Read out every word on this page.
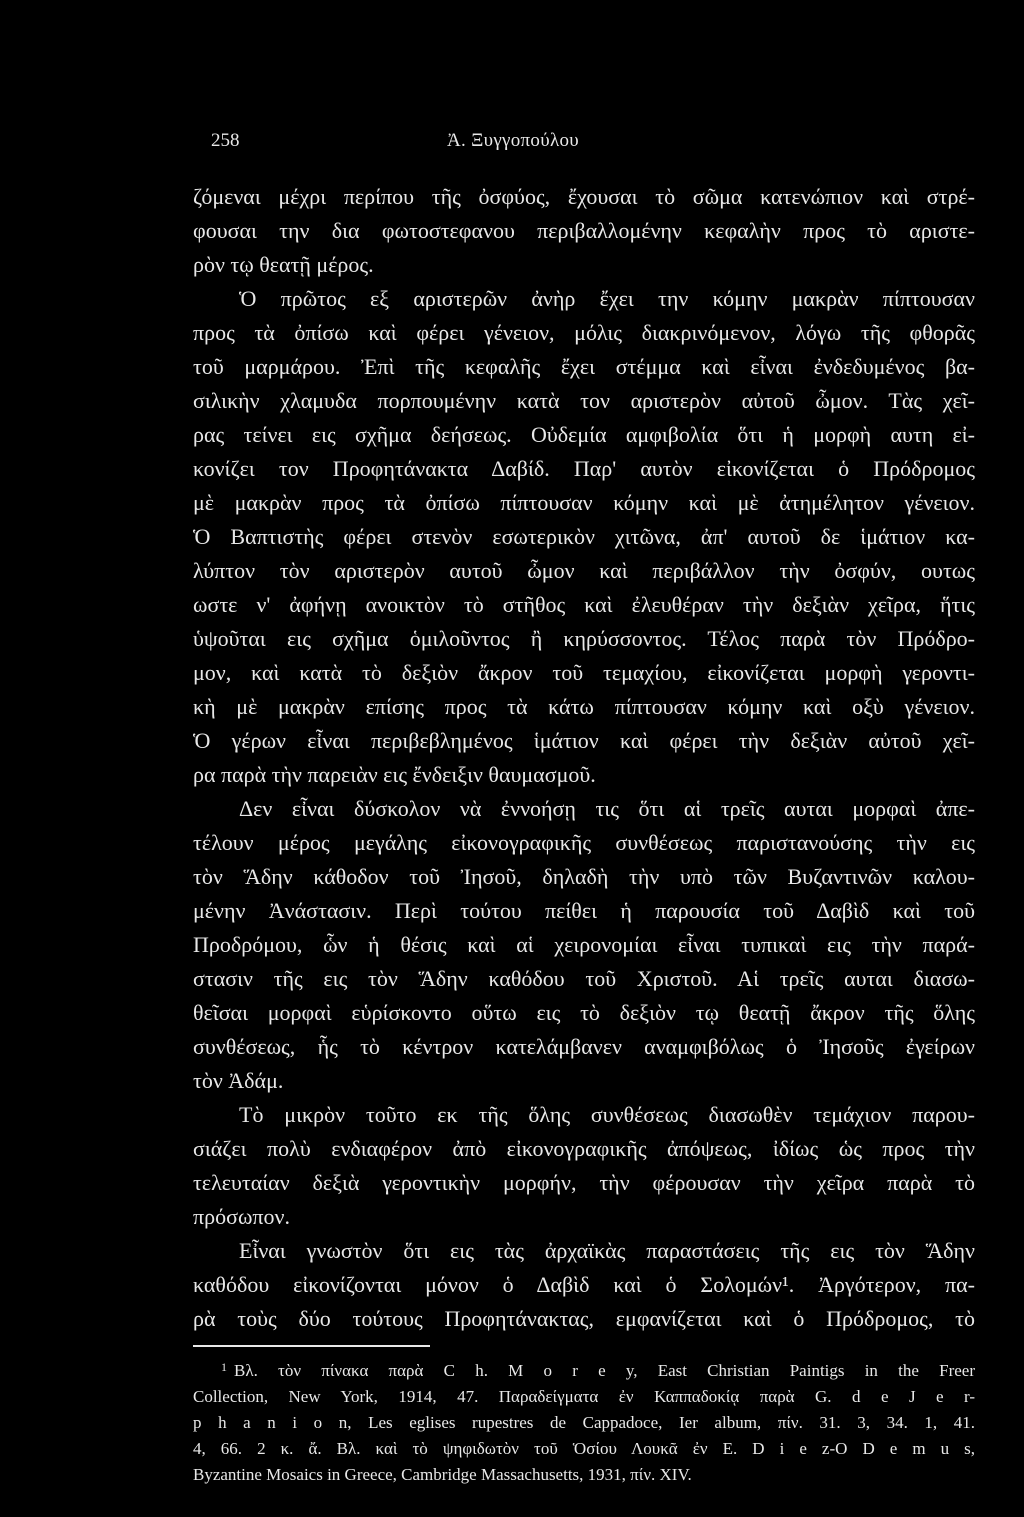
258	Ἀ. Ξυγγοπούλου
ζόμεναι μέχρι περίπου τῆς ὀσφύος, ἔχουσαι τὸ σῶμα κατενώπιον καὶ στρέ-
φουσαι την δια φωτοστεφανου περιβαλλομένην κεφαλὴν προς τὸ αριστε-
ρὸν τῳ θεατῇ μέρος.
Ὁ πρῶτος εξ αριστερῶν ἀνὴρ ἔχει την κόμην μακρὰν πίπτουσαν
προς τὰ ὀπίσω καὶ φέρει γένειον, μόλις διακρινόμενον, λόγω τῆς φθορᾶς
τοῦ μαρμάρου. Ἐπὶ τῆς κεφαλῆς ἔχει στέμμα καὶ εἶναι ἐνδεδυμένος βα-
σιλικὴν χλαμυδα πορπουμένην κατὰ τον αριστερὸν αὐτοῦ ὦμον. Τὰς χεῖ-
ρας τείνει εις σχῆμα δεήσεως. Οὐδεμία αμφιβολία ὅτι ἡ μορφὴ αυτη εἰ-
κονίζει τον Προφητάνακτα Δαβίδ. Παρ' αυτὸν εἰκονίζεται ὁ Πρόδρομος
μὲ μακρὰν προς τὰ ὀπίσω πίπτουσαν κόμην καὶ μὲ ἀτημέλητον γένειον.
Ὁ Βαπτιστὴς φέρει στενὸν εσωτερικὸν χιτῶνα, ἀπ' αυτοῦ δε ἱμάτιον κα-
λύπτον τὸν αριστερὸν αυτοῦ ὦμον καὶ περιβάλλον τὴν ὀσφύν, ουτως
ωστε ν' ἀφήνῃ ανοικτὸν τὸ στῆθος καὶ ἐλευθέραν τὴν δεξιὰν χεῖρα, ἥτις
ὑψοῦται εις σχῆμα ὁμιλοῦντος ἢ κηρύσσοντος. Τέλος παρὰ τὸν Πρόδρο-
μον, καὶ κατὰ τὸ δεξιὸν ἄκρον τοῦ τεμαχίου, εἰκονίζεται μορφὴ γεροντι-
κὴ μὲ μακρὰν επίσης προς τὰ κάτω πίπτουσαν κόμην καὶ οξὺ γένειον.
Ὁ γέρων εἶναι περιβεβλημένος ἱμάτιον καὶ φέρει τὴν δεξιὰν αὐτοῦ χεῖ-
ρα παρὰ τὴν παρειὰν εις ἔνδειξιν θαυμασμοῦ.
Δεν εἶναι δύσκολον νὰ ἐννοήσῃ τις ὅτι αἱ τρεῖς αυται μορφαὶ ἀπε-
τέλουν μέρος μεγάλης εἰκονογραφικῆς συνθέσεως παριστανούσης τὴν εις
τὸν Ἅδην κάθοδον τοῦ Ἰησοῦ, δηλαδὴ τὴν υπὸ τῶν Βυζαντινῶν καλου-
μένην Ἀνάστασιν. Περὶ τούτου πείθει ἡ παρουσία τοῦ Δαβὶδ καὶ τοῦ
Προδρόμου, ὧν ἡ θέσις καὶ αἱ χειρονομίαι εἶναι τυπικαὶ εις τὴν παρά-
στασιν τῆς εις τὸν Ἅδην καθόδου τοῦ Χριστοῦ. Αἱ τρεῖς αυται διασω-
θεῖσαι μορφαὶ εὑρίσκοντο οὕτω εις τὸ δεξιὸν τῳ θεατῇ ἄκρον τῆς ὅλης
συνθέσεως, ἧς τὸ κέντρον κατελάμβανεν αναμφιβόλως ὁ Ἰησοῦς ἐγείρων
τὸν Ἀδάμ.
Τὸ μικρὸν τοῦτο εκ τῆς ὅλης συνθέσεως διασωθὲν τεμάχιον παρου-
σιάζει πολὺ ενδιαφέρον ἀπὸ εἰκονογραφικῆς ἀπόψεως, ἰδίως ὡς προς τὴν
τελευταίαν δεξιὰ γεροντικὴν μορφήν, τὴν φέρουσαν τὴν χεῖρα παρὰ τὸ
πρόσωπον.
Εἶναι γνωστὸν ὅτι εις τὰς ἀρχαϊκὰς παραστάσεις τῆς εις τὸν Ἅδην
καθόδου εἰκονίζονται μόνον ὁ Δαβὶδ καὶ ὁ Σολομών¹. Ἀργότερον, πα-
ρὰ τοὺς δύο τούτους Προφητάνακτας, εμφανίζεται καὶ ὁ Πρόδρομος, τὸ
$^1$ Βλ. τὸν πίνακα παρὰ C h. M o r e y, East Christian Paintigs in the Freer
Collection, New York, 1914, 47. Παραδείγματα ἐν Καππαδοκίᾳ παρὰ G. d e J e r-
p h a n i o n, Les eglises rupestres de Cappadoce, Ier album, πίν. 31. 3, 34. 1, 41.
4, 66. 2 κ. ἄ. Βλ. καὶ τὸ ψηφιδωτὸν τοῦ Ὁσίου Λουκᾶ ἐν E. D i e z-O D e m u s,
Byzantine Mosaics in Greece, Cambridge Massachusetts, 1931, πίν. XIV.
